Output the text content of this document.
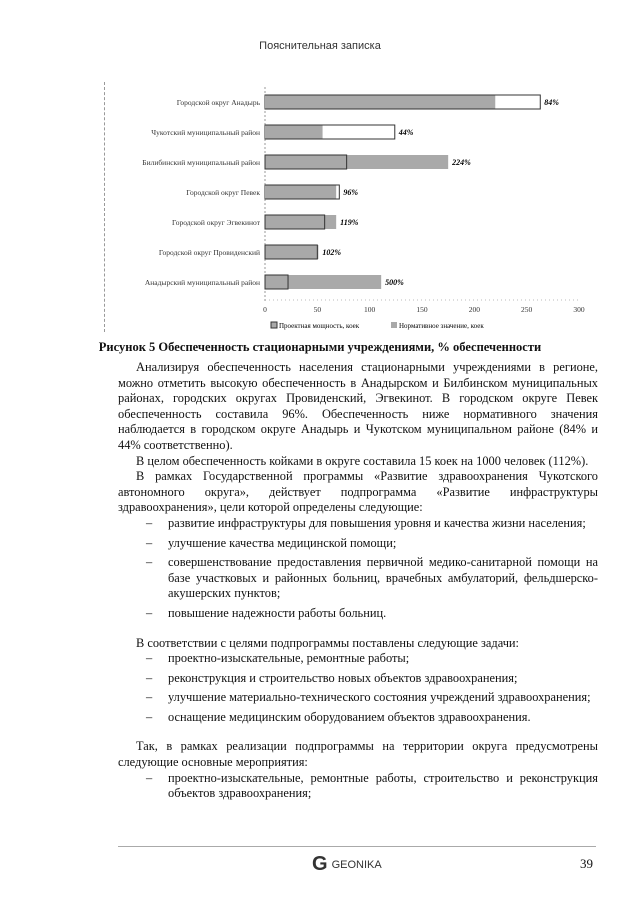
Пояснительная записка
Городской округ Анадырь	84%
Чукотский муниципальный район	44%
Билибинский муниципальный район	224%
Городской округ Певек	96%
Городской округ Эгвекинот	119%
Городской округ Провиденский	102%
Анадырский муниципальный район	500%
0	50	100	150	200	250	300
Проектная мощность, коек	Нормативное значение, коек
Рисунок 5 Обеспеченность стационарными учреждениями, % обеспеченности

Анализируя обеспеченность населения стационарными учреждениями в регионе, можно отметить высокую обеспеченность в Анадырском и Билбинском муниципальных районах, городских округах Провиденский, Эгвекинот. В городском округе Певек обеспеченность составила 96%. Обеспеченность ниже нормативного значения наблюдается в городском округе Анадырь и Чукотском муниципальном районе (84% и 44% соответственно).

В целом обеспеченность койками в округе составила 15 коек на 1000 человек (112%).

В рамках Государственной программы «Развитие здравоохранения Чукотского автономного округа», действует подпрограмма «Развитие инфраструктуры здравоохранения», цели которой определены следующие:

– развитие инфраструктуры для повышения уровня и качества жизни населения;
– улучшение качества медицинской помощи;
– совершенствование предоставления первичной медико-санитарной помощи на базе участковых и районных больниц, врачебных амбулаторий, фельдшерско-акушерских пунктов;
– повышение надежности работы больниц.

В соответствии с целями подпрограммы поставлены следующие задачи:

– проектно-изыскательные, ремонтные работы;
– реконструкция и строительство новых объектов здравоохранения;
– улучшение материально-технического состояния учреждений здравоохранения;
– оснащение медицинским оборудованием объектов здравоохранения.

Так, в рамках реализации подпрограммы на территории округа предусмотрены следующие основные мероприятия:

– проектно-изыскательные, ремонтные работы, строительство и реконструкция объектов здравоохранения;
G GEONIKA	39
